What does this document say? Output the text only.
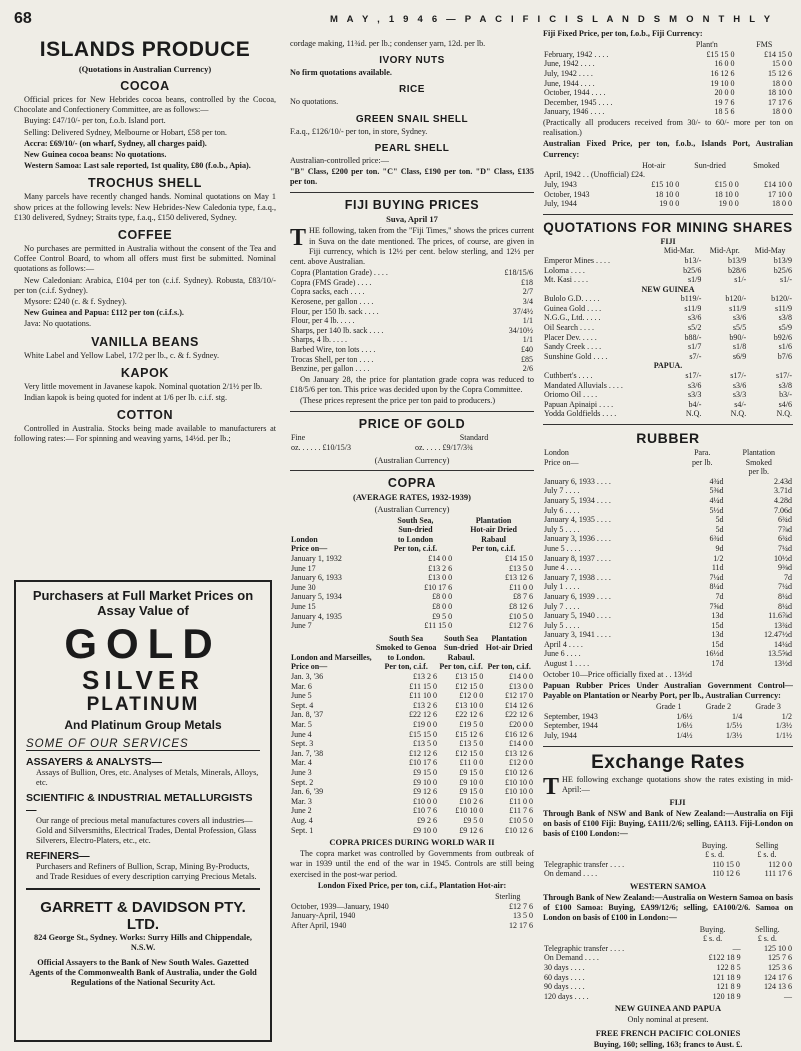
68	M A Y , 1 9 4 6 — P A C I F I C I S L A N D S M O N T H L Y
ISLANDS PRODUCE
(Quotations in Australian Currency)
COCOA

Official prices for New Hebrides cocoa beans, controlled by the Cocoa, Chocolate and Confectionery Committee, are as follows:—

Buying: £47/10/- per ton, f.o.b. Island port.

Selling: Delivered Sydney, Melbourne or Hobart, £58 per ton.

Accra: £69/10/- (on wharf, Sydney, all charges paid).

New Guinea cocoa beans: No quotations.

Western Samoa: Last sale reported, 1st quality, £80 (f.o.b., Apia).

TROCHUS SHELL

Many parcels have recently changed hands. Nominal quotations on May 1 show prices at the following levels: New Hebrides-New Caledonia type, f.a.q., £130 delivered, Sydney; Straits type, f.a.q., £150 delivered, Sydney.

COFFEE

No purchases are permitted in Australia without the consent of the Tea and Coffee Control Board, to whom all offers must first be submitted. Nominal quotations as follows:—

New Caledonian: Arabica, £104 per ton (c.i.f. Sydney). Robusta, £83/10/- per ton (c.i.f. Sydney).

Mysore: £240 (c. & f. Sydney).

New Guinea and Papua: £112 per ton (c.i.f.s.).

Java: No quotations.

VANILLA BEANS

White Label and Yellow Label, 17/2 per lb., c. & f. Sydney.

KAPOK

Very little movement in Javanese kapok. Nominal quotation 2/1½ per lb.

Indian kapok is being quoted for indent at 1/6 per lb. c.i.f. stg.

COTTON

Controlled in Australia. Stocks being made available to manufacturers at following rates:— For spinning and weaving yarns, 14½d. per lb.;

Purchasers at Full Market Prices on Assay Value of
GOLD
SILVER
PLATINUM
And Platinum Group Metals
SOME OF OUR SERVICES
ASSAYERS & ANALYSTS—
Assays of Bullion, Ores, etc. Analyses of Metals, Minerals, Alloys, etc.
SCIENTIFIC & INDUSTRIAL METALLURGISTS—
Our range of precious metal manufactures covers all industries—Gold and Silversmiths, Electrical Trades, Dental Profession, Glass Silverers, Electro-Platers, etc., etc.
REFINERS—
Purchasers and Refiners of Bullion, Scrap, Mining By-Products, and Trade Residues of every description carrying Precious Metals.
GARRETT & DAVIDSON PTY. LTD.
824 George St., Sydney. Works: Surry Hills and Chippendale, N.S.W.
Official Assayers to the Bank of New South Wales. Gazetted Agents of the Commonwealth Bank of Australia, under the Gold Regulations of the National Security Act.

cordage making, 11¾d. per lb.; condenser yarn, 12d. per lb.

IVORY NUTS

No firm quotations available.

RICE

No quotations.

GREEN SNAIL SHELL

F.a.q., £126/10/- per ton, in store, Sydney.

PEARL SHELL

Australian-controlled price:—

"B" Class, £200 per ton. "C" Class, £190 per ton. "D" Class, £135 per ton.

FIJI BUYING PRICES
Suva, April 17

THE following, taken from the "Fiji Times," shows the prices current in Suva on the date mentioned. The prices, of course, are given in Fiji currency, which is 12½ per cent. below sterling, and 12½ per cent. above Australian.

Copra (Plantation Grade) . . . .	£18/15/6
Copra (FMS Grade) . . . .	£18
Copra sacks, each . . . .	2/7
Kerosene, per gallon . . . .	3/4
Flour, per 150 lb. sack . . . .	37/4½
Flour, per 4 lb. . . . .	1/1
Sharps, per 140 lb. sack . . . .	34/10½
Sharps, 4 lb. . . . .	1/1
Barbed Wire, ton lots . . . .	£40
Trocas Shell, per ton . . . .	£85
Benzine, per gallon . . . .	2/6

On January 28, the price for plantation grade copra was reduced to £18/5/6 per ton. This price was decided upon by the Copra Committee.

(These prices represent the price per ton paid to producers.)

PRICE OF GOLD
Fine	Standard
oz. . . . . . £10/15/3	oz. . . . . £9/17/3¾
(Australian Currency)
COPRA
(AVERAGE RATES, 1932-1939)
(Australian Currency)
	South Sea,	Plantation
	Sun-dried	Hot-air Dried
London	to London	Rabaul
Price on—	Per ton, c.i.f.	Per ton, c.i.f.
January 1, 1932	£14 0 0	£14 15 0
June 17	£13 2 6	£13 5 0
January 6, 1933	£13 0 0	£13 12 6
June 30	£10 17 6	£11 0 0
January 5, 1934	£8 0 0	£8 7 6
June 15	£8 0 0	£8 12 6
January 4, 1935	£9 5 0	£10 5 0
June 7	£11 15 0	£12 7 6
	South Sea	South Sea	Plantation
	Smoked to Genoa	Sun-dried	Hot-air Dried
London and Marseilles,	to London.	Rabaul.	
Price on—	Per ton, c.i.f.	Per ton, c.i.f.	Per ton, c.i.f.
Jan. 3, '36	£13 2 6	£13 15 0	£14 0 0
Mar. 6	£11 15 0	£12 15 0	£13 0 0
June 5	£11 10 0	£12 0 0	£12 17 0
Sept. 4	£13 2 6	£13 10 0	£14 12 6
Jan. 8, '37	£22 12 6	£22 12 6	£22 12 6
Mar. 5	£19 0 0	£19 5 0	£20 0 0
June 4	£15 15 0	£15 12 6	£16 12 6
Sept. 3	£13 5 0	£13 5 0	£14 0 0
Jan. 7, '38	£12 12 6	£12 15 0	£13 12 6
Mar. 4	£10 17 6	£11 0 0	£12 0 0
June 3	£9 15 0	£9 15 0	£10 12 6
Sept. 2	£9 10 0	£9 10 0	£10 10 0
Jan. 6, '39	£9 12 6	£9 15 0	£10 10 0
Mar. 3	£10 0 0	£10 2 6	£11 0 0
June 2	£10 7 6	£10 10 0	£11 7 6
Aug. 4	£9 2 6	£9 5 0	£10 5 0
Sept. 1	£9 10 0	£9 12 6	£10 12 6
COPRA PRICES DURING WORLD WAR II

The copra market was controlled by Governments from outbreak of war in 1939 until the end of the war in 1945. Controls are still being exercised in the post-war period.

London Fixed Price, per ton, c.i.f., Plantation Hot-air:

	Sterling
October, 1939—January, 1940	£12 7 6
January-April, 1940	13 5 0
After April, 1940	12 17 6

Fiji Fixed Price, per ton, f.o.b., Fiji Currency:

	Plant'n	FMS
February, 1942 . . . .	£15 15 0	£14 15 0
June, 1942 . . . .	16 0 0	15 0 0
July, 1942 . . . .	16 12 6	15 12 6
June, 1944 . . . .	19 10 0	18 0 0
October, 1944 . . . .	20 0 0	18 10 0
December, 1945 . . . .	19 7 6	17 17 6
January, 1946 . . . .	18 5 6	18 0 0

(Practically all producers received from 30/- to 60/- more per ton on realisation.)

Australian Fixed Price, per ton, f.o.b., Islands Port, Australian Currency:

	Hot-air	Sun-dried	Smoked
April, 1942 . . (Unofficial) £24.			
July, 1943	£15 10 0	£15 0 0	£14 10 0
October, 1943	18 10 0	18 10 0	17 10 0
July, 1944	19 0 0	19 0 0	18 0 0
QUOTATIONS FOR MINING SHARES
FIJI			
	Mid-Mar.	Mid-Apr.	Mid-May
Emperor Mines . . . .	b13/-	b13/9	b13/9
Loloma . . . .	b25/6	b28/6	b25/6
Mt. Kasi . . . .	s1/9	s1/-	s1/-
NEW GUINEA			
Bulolo G.D. . . . .	b119/-	b120/-	b120/-
Guinea Gold . . . .	s11/9	s11/9	s11/9
N.G.G., Ltd. . . . .	s3/6	s3/6	s3/8
Oil Search . . . .	s5/2	s5/5	s5/9
Placer Dev. . . . .	b88/-	b90/-	b92/6
Sandy Creek . . . .	s1/7	s1/8	s1/6
Sunshine Gold . . . .	s7/-	s6/9	b7/6
PAPUA.			
Cuthbert's . . . .	s17/-	s17/-	s17/-
Mandated Alluvials . . . .	s3/6	s3/6	s3/8
Oriomo Oil . . . .	s3/3	s3/3	b3/-
Papuan Apinaipi . . . .	b4/-	s4/-	s4/6
Yodda Goldfields . . . .	N.Q.	N.Q.	N.Q.
RUBBER
London	Para.	Plantation
Price on—	per lb.	Smoked
		per lb.
January 6, 1933 . . . .	4¾d	2.43d
July 7 . . . .	5⅜d	3.71d
January 5, 1934 . . . .	4¼d	4.28d
July 6 . . . .	5½d	7.06d
January 4, 1935 . . . .	5d	6¾d
July 5 . . . .	5d	7⅞d
January 3, 1936 . . . .	6¾d	6¾d
June 5 . . . .	9d	7¼d
January 8, 1937 . . . .	1/2	10½d
June 4 . . . .	11d	9⅜d
January 7, 1938 . . . .	7¼d	7d
July 1 . . . .	8¼d	7¼d
January 6, 1939 . . . .	7d	8¼d
July 7 . . . .	7⅝d	8¼d
January 5, 1940 . . . .	13d	11.6⅞d
July 5 . . . .	15d	13¾d
January 3, 1941 . . . .	13d	12.47½d
April 4 . . . .	15d	14¼d
June 6 . . . .	16½d	13.5⅝d
August 1 . . . .	17d	13½d

October 10—Price officially fixed at . . 13½d

Papuan Rubber Prices Under Australian Government Control—Payable on Plantation or Nearby Port, per lb., Australian Currency:

	Grade 1	Grade 2	Grade 3
September, 1943	1/6½	1/4	1/2
September, 1944	1/6½	1/5½	1/3½
July, 1944	1/4½	1/3½	1/1½
Exchange Rates

THE following exchange quotations show the rates existing in mid-April:—

FIJI

Through Bank of NSW and Bank of New Zealand:—Australia on Fiji on basis of £100 Fiji: Buying, £A111/2/6; selling, £A113. Fiji-London on basis of £100 London:—

	Buying.	Selling
	£ s. d.	£ s. d.
Telegraphic transfer . . . .	110 15 0	112 0 0
On demand . . . .	110 12 6	111 17 6
WESTERN SAMOA

Through Bank of New Zealand:—Australia on Western Samoa on basis of £100 Samoa: Buying, £A99/12/6; selling, £A100/2/6. Samoa on London on basis of £100 in London:—

	Buying.	Selling.
	£ s. d.	£ s. d.
Telegraphic transfer . . . .	—	125 10 0
On Demand . . . .	£122 18 9	125 7 6
30 days . . . .	122 8 5	125 3 6
60 days . . . .	121 18 9	124 17 6
90 days . . . .	121 8 9	124 13 6
120 days . . . .	120 18 9	—
NEW GUINEA AND PAPUA

Only nominal at present.

FREE FRENCH PACIFIC COLONIES

Buying, 160; selling, 163; francs to Aust. £.
